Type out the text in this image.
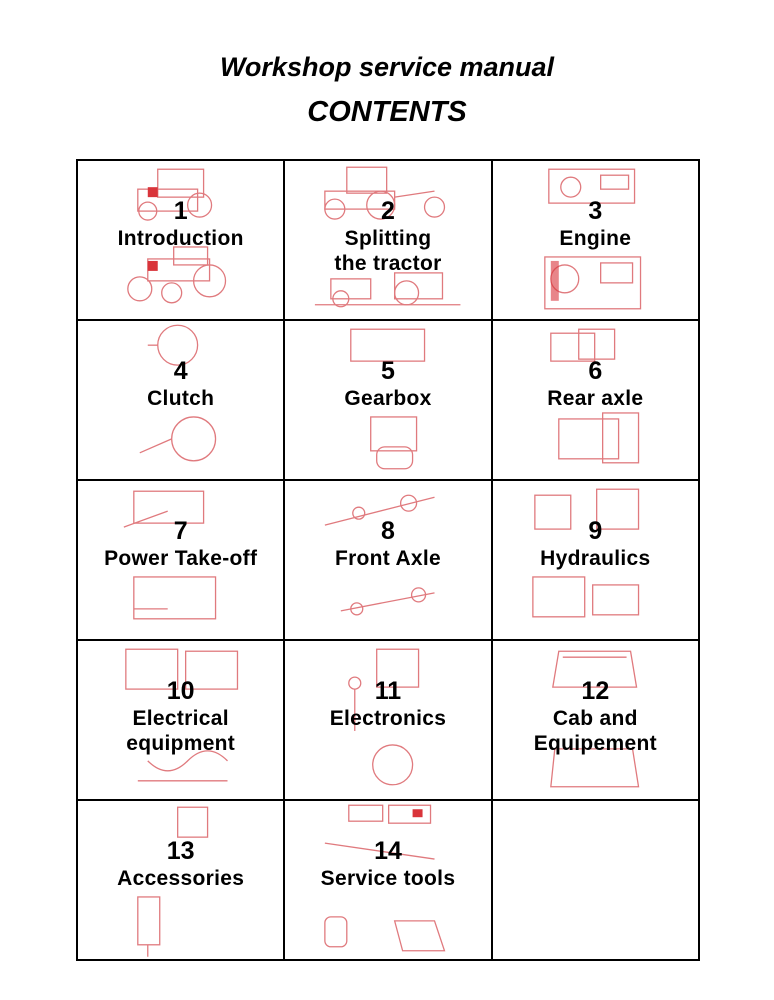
Workshop service manual
CONTENTS
1
Introduction	2
Splitting
the tractor	3
Engine

4
Clutch	5
Gearbox	6
Rear axle

7
Power Take-off	8
Front Axle	9
Hydraulics

10
Electrical
equipment	11
Electronics	12
Cab and
Equipement

13
Accessories	14
Service tools	
